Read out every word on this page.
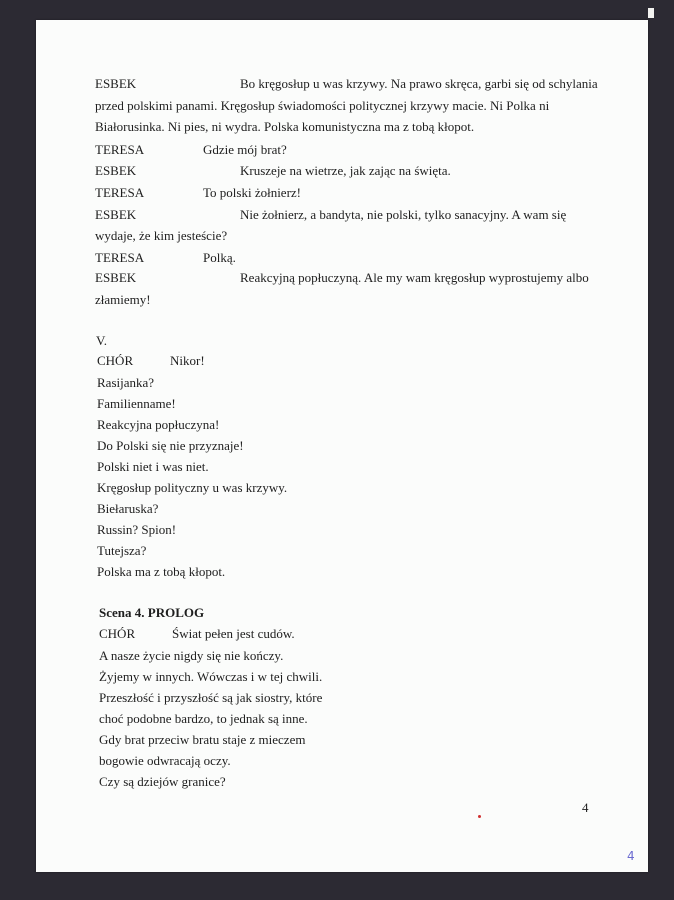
ESBEK	Bo kręgosłup u was krzywy. Na prawo skręca, garbi się od schylania
przed polskimi panami. Kręgosłup świadomości politycznej krzywy macie. Ni Polka ni
Białorusinka. Ni pies, ni wydra. Polska komunistyczna ma z tobą kłopot.
TERESA	Gdzie mój brat?
ESBEK	Kruszeje na wietrze, jak zając na święta.
TERESA	To polski żołnierz!
ESBEK	Nie żołnierz, a bandyta, nie polski, tylko sanacyjny. A wam się
wydaje, że kim jesteście?
TERESA	Polką.
ESBEK	Reakcyjną popłuczyną. Ale my wam kręgosłup wyprostujemy albo
złamiemy!
V.
CHÓR	Nikor!
Rasijanka?
Familienname!
Reakcyjna popłuczyna!
Do Polski się nie przyznaje!
Polski niet i was niet.
Kręgosłup polityczny u was krzywy.
Biełaruska?
Russin? Spion!
Tutejsza?
Polska ma z tobą kłopot.
Scena 4. PROLOG
CHÓR	Świat pełen jest cudów.
A nasze życie nigdy się nie kończy.
Żyjemy w innych. Wówczas i w tej chwili.
Przeszłość i przyszłość są jak siostry, które
choć podobne bardzo, to jednak są inne.
Gdy brat przeciw bratu staje z mieczem
bogowie odwracają oczy.
Czy są dziejów granice?
4
4
